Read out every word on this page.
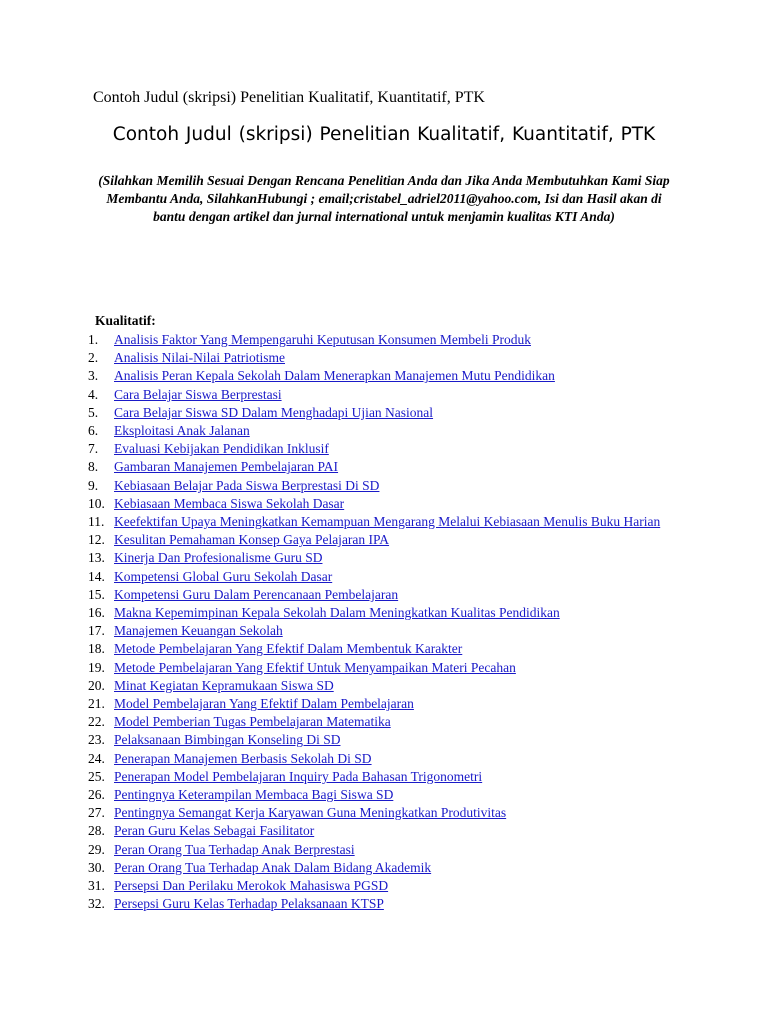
Contoh Judul (skripsi) Penelitian Kualitatif, Kuantitatif, PTK
Contoh Judul (skripsi) Penelitian Kualitatif, Kuantitatif, PTK
(Silahkan Memilih Sesuai Dengan Rencana Penelitian Anda dan Jika Anda Membutuhkan Kami Siap Membantu Anda, SilahkanHubungi ; email;cristabel_adriel2011@yahoo.com, Isi dan Hasil akan di bantu dengan artikel dan jurnal international untuk menjamin kualitas KTI Anda)
Kualitatif:
1. Analisis Faktor Yang Mempengaruhi Keputusan Konsumen Membeli Produk
2. Analisis Nilai-Nilai Patriotisme
3. Analisis Peran Kepala Sekolah Dalam Menerapkan Manajemen Mutu Pendidikan
4. Cara Belajar Siswa Berprestasi
5. Cara Belajar Siswa SD Dalam Menghadapi Ujian Nasional
6. Eksploitasi Anak Jalanan
7. Evaluasi Kebijakan Pendidikan Inklusif
8. Gambaran Manajemen Pembelajaran PAI
9. Kebiasaan Belajar Pada Siswa Berprestasi Di SD
10. Kebiasaan Membaca Siswa Sekolah Dasar
11. Keefektifan Upaya Meningkatkan Kemampuan Mengarang Melalui Kebiasaan Menulis Buku Harian
12. Kesulitan Pemahaman Konsep Gaya Pelajaran IPA
13. Kinerja Dan Profesionalisme Guru SD
14. Kompetensi Global Guru Sekolah Dasar
15. Kompetensi Guru Dalam Perencanaan Pembelajaran
16. Makna Kepemimpinan Kepala Sekolah Dalam Meningkatkan Kualitas Pendidikan
17. Manajemen Keuangan Sekolah
18. Metode Pembelajaran Yang Efektif Dalam Membentuk Karakter
19. Metode Pembelajaran Yang Efektif Untuk Menyampaikan Materi Pecahan
20. Minat Kegiatan Kepramukaan Siswa SD
21. Model Pembelajaran Yang Efektif Dalam Pembelajaran
22. Model Pemberian Tugas Pembelajaran Matematika
23. Pelaksanaan Bimbingan Konseling Di SD
24. Penerapan Manajemen Berbasis Sekolah Di SD
25. Penerapan Model Pembelajaran Inquiry Pada Bahasan Trigonometri
26. Pentingnya Keterampilan Membaca Bagi Siswa SD
27. Pentingnya Semangat Kerja Karyawan Guna Meningkatkan Produtivitas
28. Peran Guru Kelas Sebagai Fasilitator
29. Peran Orang Tua Terhadap Anak Berprestasi
30. Peran Orang Tua Terhadap Anak Dalam Bidang Akademik
31. Persepsi Dan Perilaku Merokok Mahasiswa PGSD
32. Persepsi Guru Kelas Terhadap Pelaksanaan KTSP
